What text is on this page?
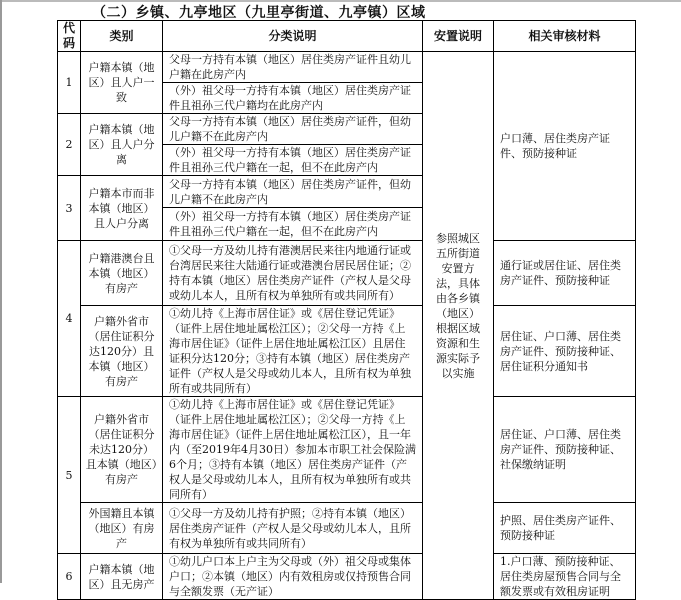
（二）乡镇、九亭地区（九里亭街道、九亭镇）区域
代码	类别	分类说明	安置说明	相关审核材料
1	户籍本镇（地区）且人户一致	父母一方持有本镇（地区）居住类房产证件且幼儿户籍在此房产内	参照城区五所街道安置方法，具体由各乡镇（地区）根据区域资源和生源实际予以实施	户口薄、居住类房产证件、预防接种证
		（外）祖父母一方持有本镇（地区）居住类房产证件且祖孙三代户籍均在此房产内		
2	户籍本镇（地区）且人户分离	父母一方持有本镇（地区）居住类房产证件，但幼儿户籍不在此房产内		
		（外）祖父母一方持有本镇（地区）居住类房产证件且祖孙三代户籍在一起，但不在此房产内		
3	户籍本市而非本镇（地区）且人户分离	父母一方持有本镇（地区）居住类房产证件，但幼儿户籍不在此房产内		
		（外）祖父母一方持有本镇（地区）居住类房产证件且祖孙三代户籍在一起，但不在此房产内		
4	户籍港澳台且本镇（地区）有房产	①父母一方及幼儿持有港澳居民来往内地通行证或台湾居民来往大陆通行证或港澳台居民居住证；②持有本镇（地区）居住类房产证件（产权人是父母或幼儿本人，且所有权为单独所有或共同所有）		通行证或居住证、居住类房产证件、预防接种证
	户籍外省市（居住证积分达120分）且本镇（地区）有房产	①幼儿持《上海市居住证》或《居住登记凭证》（证件上居住地址属松江区）；②父母一方持《上海市居住证》（证件上居住地址属松江区）且居住证积分达120分；③持有本镇（地区）居住类房产证件（产权人是父母或幼儿本人，且所有权为单独所有或共同所有）		居住证、户口薄、居住类房产证件、预防接种证、居住证积分通知书
5	户籍外省市（居住证积分未达120分）且本镇（地区）有房产	①幼儿持《上海市居住证》或《居住登记凭证》（证件上居住地址属松江区）；②父母一方持《上海市居住证》（证件上居住地址属松江区），且一年内（至2019年4月30日）参加本市职工社会保险满6个月；③持有本镇（地区）居住类房产证件（产权人是父母或幼儿本人，且所有权为单独所有或共同所有）		居住证、户口薄、居住类房产证件、预防接种证、社保缴纳证明
	外国籍且本镇（地区）有房产	①父母一方及幼儿持有护照；②持有本镇（地区）居住类房产证件（产权人是父母或幼儿本人，且所有权为单独所有或共同所有）		护照、居住类房产证件、预防接种证
6	户籍本镇（地区）且无房产	①幼儿户口本上户主为父母或（外）祖父母或集体户口；②本镇（地区）内有效租房或仅持预售合同与全额发票（无产证）		1.户口薄、预防接种证、居住类房屋预售合同与全额发票或有效租房证明
